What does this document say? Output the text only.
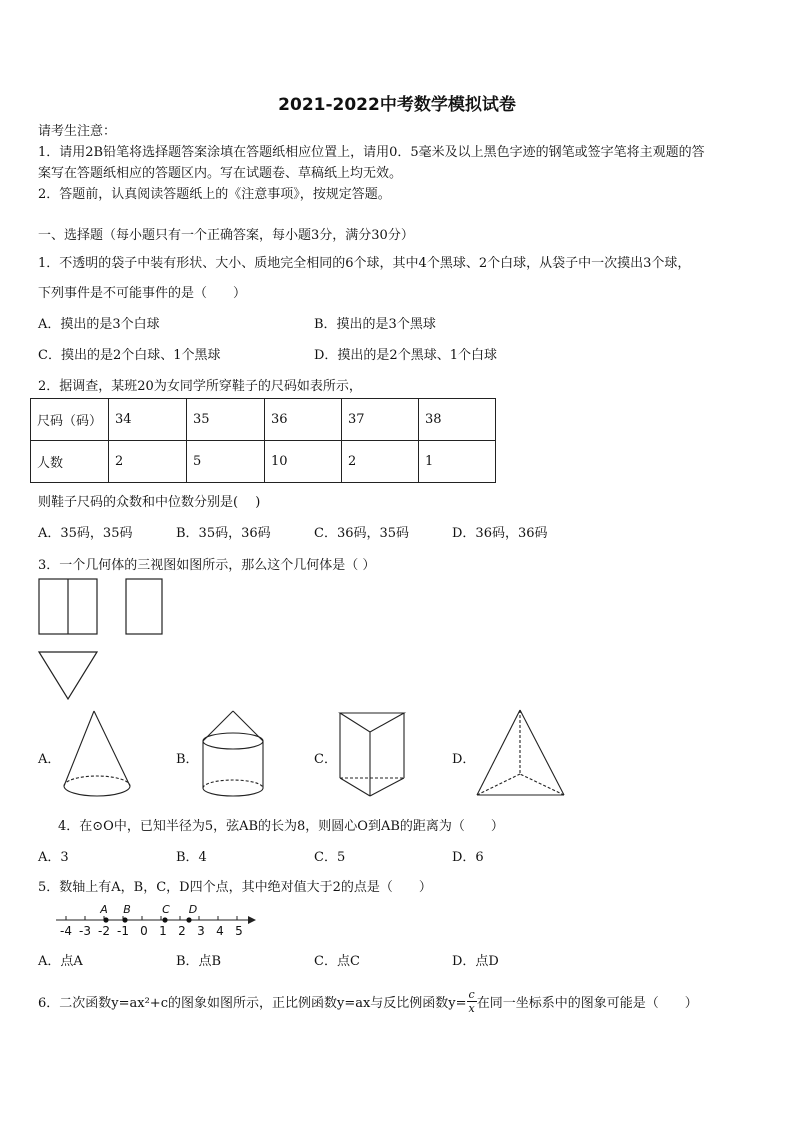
2021-2022中考数学模拟试卷
请考生注意：
1．请用2B铅笔将选择题答案涂填在答题纸相应位置上，请用0．5毫米及以上黑色字迹的钢笔或签字笔将主观题的答
案写在答题纸相应的答题区内。写在试题卷、草稿纸上均无效。
2．答题前，认真阅读答题纸上的《注意事项》，按规定答题。
一、选择题（每小题只有一个正确答案，每小题3分，满分30分）
1．不透明的袋子中装有形状、大小、质地完全相同的6个球，其中4个黑球、2个白球，从袋子中一次摸出3个球，
下列事件是不可能事件的是（　　）
A．摸出的是3个白球	B．摸出的是3个黑球
C．摸出的是2个白球、1个黑球	D．摸出的是2个黑球、1个白球
2．据调查，某班20为女同学所穿鞋子的尺码如表所示，
尺码（码）	34	35	36	37	38
人数	2	5	10	2	1
则鞋子尺码的众数和中位数分别是(　 )
A．35码，35码	B．35码，36码	C．36码，35码	D．36码，36码
3．一个几何体的三视图如图所示，那么这个几何体是（ ）
A．	B．	C．	D．
4．在⊙O中，已知半径为5，弦AB的长为8，则圆心O到AB的距离为（　　）
A．3	B．4	C．5	D．6
5．数轴上有A，B，C，D四个点，其中绝对值大于2的点是（　　）
A B	C D
-4 -3 -2 -1 0 1 2 3 4 5
A．点A	B．点B	C．点C	D．点D
6．二次函数y=ax²+c的图象如图所示，正比例函数y=ax与反比例函数$y= \frac{c}{x}$ 在同一坐标系中的图象可能是（　　）
